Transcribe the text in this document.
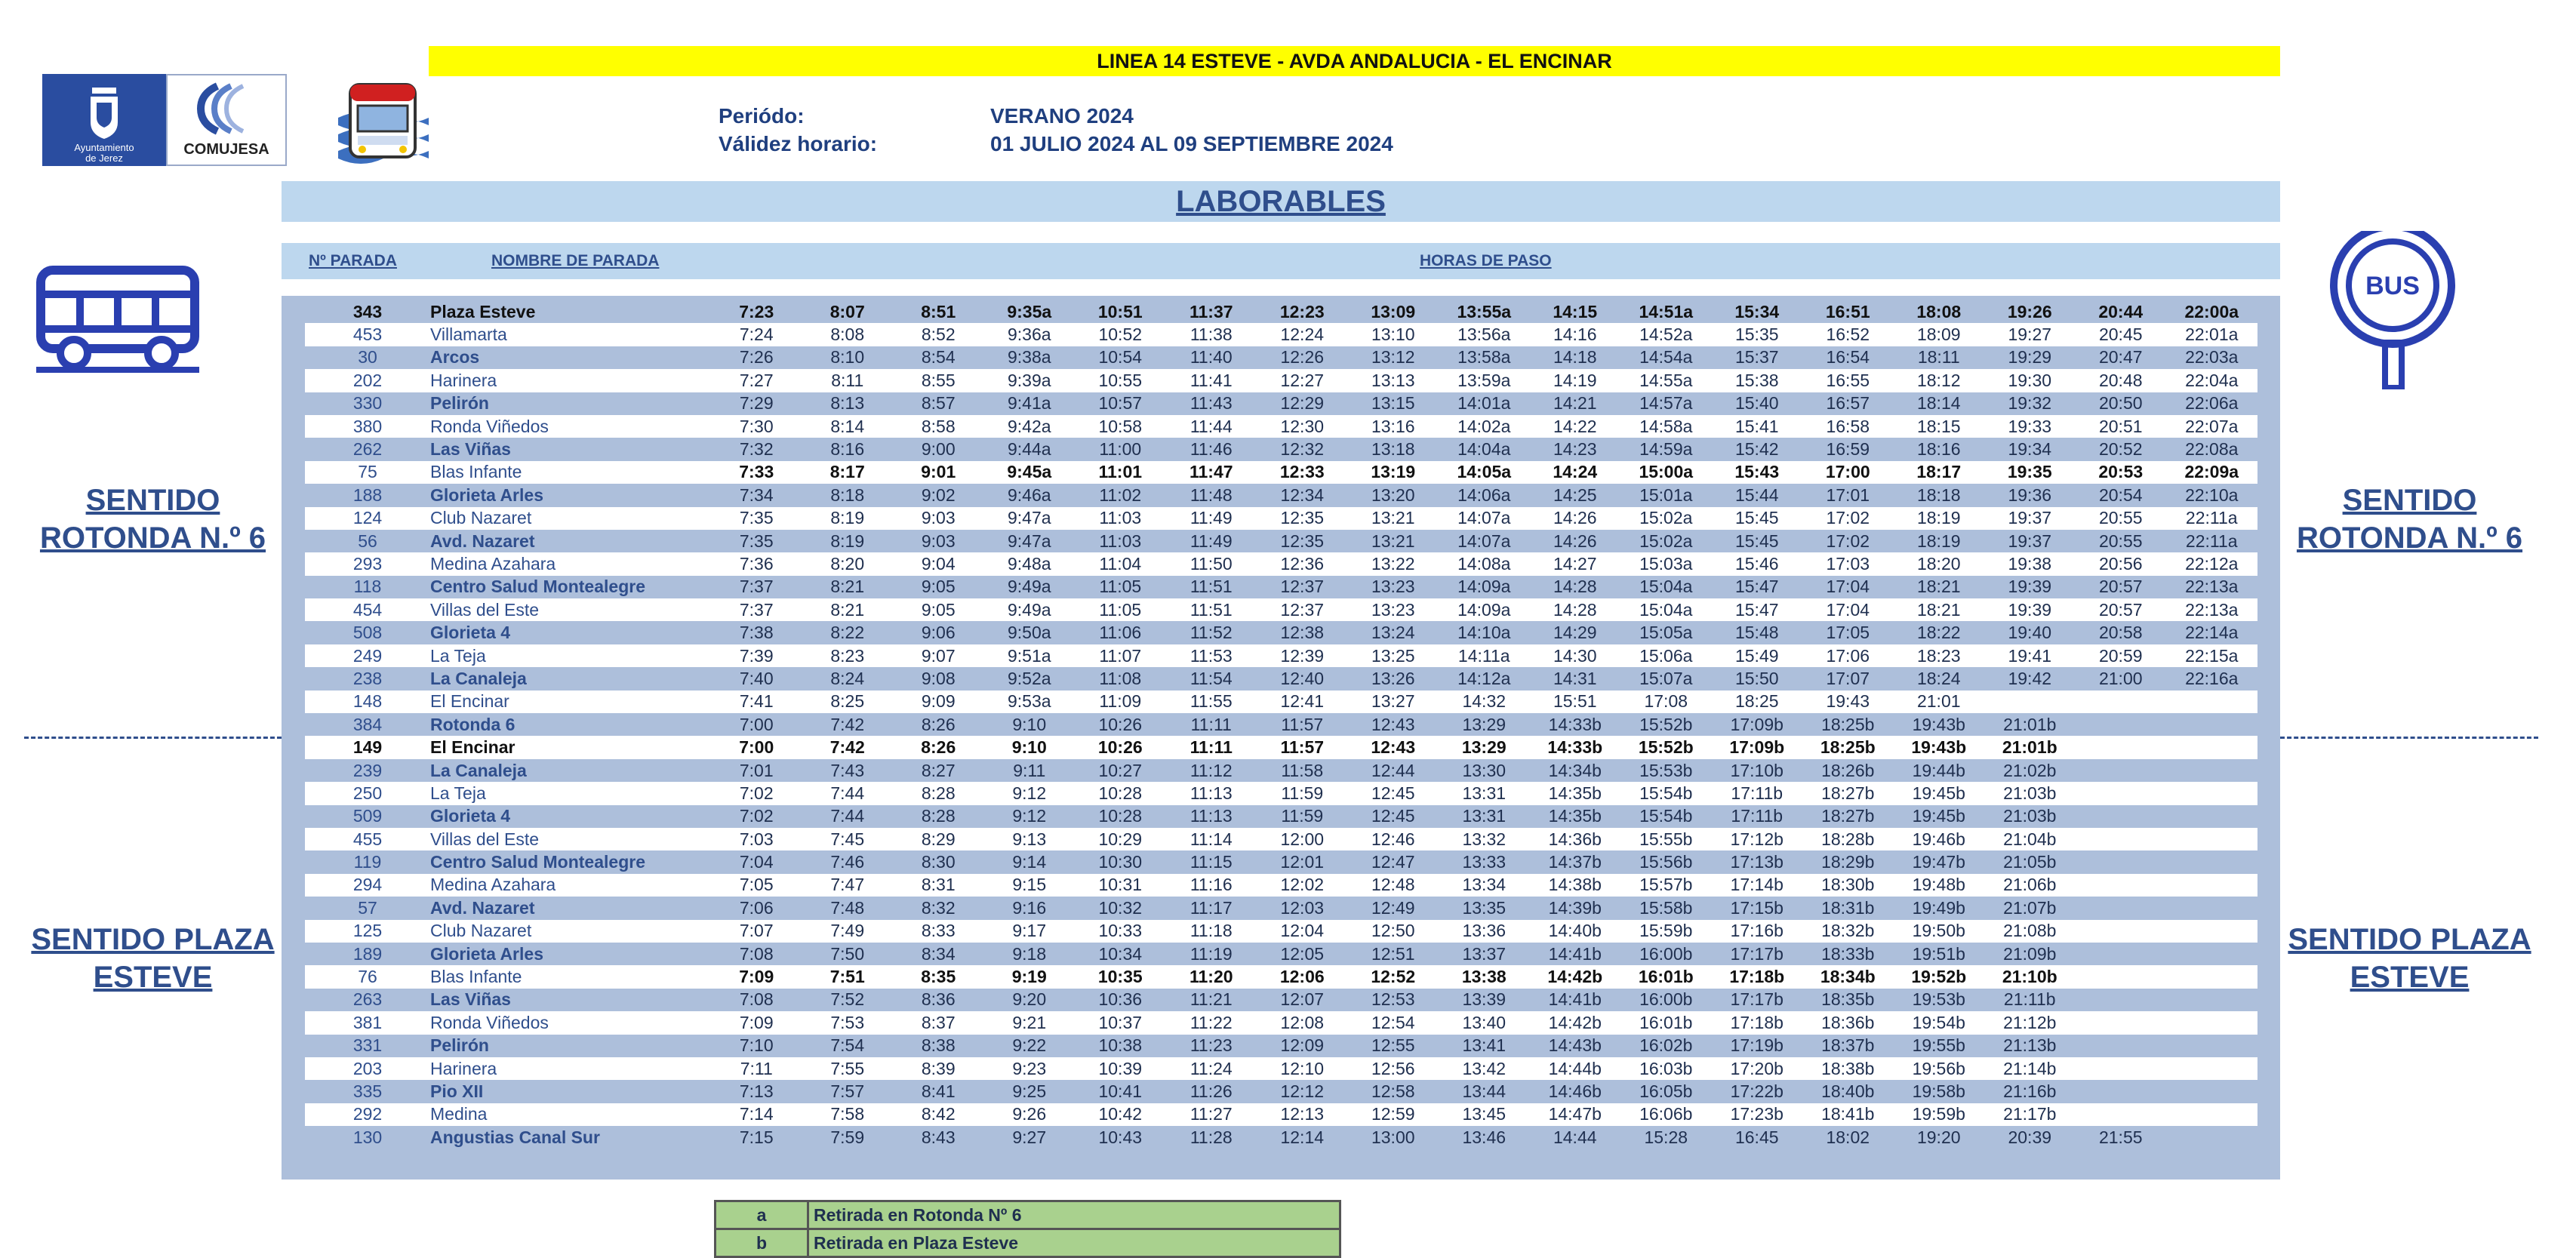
Ayuntamiento
de Jerez
COMUJESA
LINEA 14 ESTEVE - AVDA ANDALUCIA - EL ENCINAR
Periódo:	VERANO 2024
Válidez horario:	01 JULIO 2024 AL 09 SEPTIEMBRE 2024
LABORABLES
Nº PARADA	NOMBRE DE PARADA	HORAS DE PASO
343	Plaza Esteve	7:23	8:07	8:51	9:35a	10:51	11:37	12:23	13:09	13:55a	14:15	14:51a	15:34	16:51	18:08	19:26	20:44	22:00a
453	Villamarta	7:24	8:08	8:52	9:36a	10:52	11:38	12:24	13:10	13:56a	14:16	14:52a	15:35	16:52	18:09	19:27	20:45	22:01a
30	Arcos	7:26	8:10	8:54	9:38a	10:54	11:40	12:26	13:12	13:58a	14:18	14:54a	15:37	16:54	18:11	19:29	20:47	22:03a
202	Harinera	7:27	8:11	8:55	9:39a	10:55	11:41	12:27	13:13	13:59a	14:19	14:55a	15:38	16:55	18:12	19:30	20:48	22:04a
330	Pelirón	7:29	8:13	8:57	9:41a	10:57	11:43	12:29	13:15	14:01a	14:21	14:57a	15:40	16:57	18:14	19:32	20:50	22:06a
380	Ronda Viñedos	7:30	8:14	8:58	9:42a	10:58	11:44	12:30	13:16	14:02a	14:22	14:58a	15:41	16:58	18:15	19:33	20:51	22:07a
262	Las Viñas	7:32	8:16	9:00	9:44a	11:00	11:46	12:32	13:18	14:04a	14:23	14:59a	15:42	16:59	18:16	19:34	20:52	22:08a
75	Blas Infante	7:33	8:17	9:01	9:45a	11:01	11:47	12:33	13:19	14:05a	14:24	15:00a	15:43	17:00	18:17	19:35	20:53	22:09a
188	Glorieta Arles	7:34	8:18	9:02	9:46a	11:02	11:48	12:34	13:20	14:06a	14:25	15:01a	15:44	17:01	18:18	19:36	20:54	22:10a
124	Club Nazaret	7:35	8:19	9:03	9:47a	11:03	11:49	12:35	13:21	14:07a	14:26	15:02a	15:45	17:02	18:19	19:37	20:55	22:11a
56	Avd. Nazaret	7:35	8:19	9:03	9:47a	11:03	11:49	12:35	13:21	14:07a	14:26	15:02a	15:45	17:02	18:19	19:37	20:55	22:11a
293	Medina Azahara	7:36	8:20	9:04	9:48a	11:04	11:50	12:36	13:22	14:08a	14:27	15:03a	15:46	17:03	18:20	19:38	20:56	22:12a
118	Centro Salud Montealegre	7:37	8:21	9:05	9:49a	11:05	11:51	12:37	13:23	14:09a	14:28	15:04a	15:47	17:04	18:21	19:39	20:57	22:13a
454	Villas del Este	7:37	8:21	9:05	9:49a	11:05	11:51	12:37	13:23	14:09a	14:28	15:04a	15:47	17:04	18:21	19:39	20:57	22:13a
508	Glorieta 4	7:38	8:22	9:06	9:50a	11:06	11:52	12:38	13:24	14:10a	14:29	15:05a	15:48	17:05	18:22	19:40	20:58	22:14a
249	La Teja	7:39	8:23	9:07	9:51a	11:07	11:53	12:39	13:25	14:11a	14:30	15:06a	15:49	17:06	18:23	19:41	20:59	22:15a
238	La Canaleja	7:40	8:24	9:08	9:52a	11:08	11:54	12:40	13:26	14:12a	14:31	15:07a	15:50	17:07	18:24	19:42	21:00	22:16a
148	El Encinar	7:41	8:25	9:09	9:53a	11:09	11:55	12:41	13:27	14:32	15:51	17:08	18:25	19:43	21:01			
384	Rotonda 6	7:00	7:42	8:26	9:10	10:26	11:11	11:57	12:43	13:29	14:33b	15:52b	17:09b	18:25b	19:43b	21:01b		
149	El Encinar	7:00	7:42	8:26	9:10	10:26	11:11	11:57	12:43	13:29	14:33b	15:52b	17:09b	18:25b	19:43b	21:01b		
239	La Canaleja	7:01	7:43	8:27	9:11	10:27	11:12	11:58	12:44	13:30	14:34b	15:53b	17:10b	18:26b	19:44b	21:02b		
250	La Teja	7:02	7:44	8:28	9:12	10:28	11:13	11:59	12:45	13:31	14:35b	15:54b	17:11b	18:27b	19:45b	21:03b		
509	Glorieta 4	7:02	7:44	8:28	9:12	10:28	11:13	11:59	12:45	13:31	14:35b	15:54b	17:11b	18:27b	19:45b	21:03b		
455	Villas del Este	7:03	7:45	8:29	9:13	10:29	11:14	12:00	12:46	13:32	14:36b	15:55b	17:12b	18:28b	19:46b	21:04b		
119	Centro Salud Montealegre	7:04	7:46	8:30	9:14	10:30	11:15	12:01	12:47	13:33	14:37b	15:56b	17:13b	18:29b	19:47b	21:05b		
294	Medina Azahara	7:05	7:47	8:31	9:15	10:31	11:16	12:02	12:48	13:34	14:38b	15:57b	17:14b	18:30b	19:48b	21:06b		
57	Avd. Nazaret	7:06	7:48	8:32	9:16	10:32	11:17	12:03	12:49	13:35	14:39b	15:58b	17:15b	18:31b	19:49b	21:07b		
125	Club Nazaret	7:07	7:49	8:33	9:17	10:33	11:18	12:04	12:50	13:36	14:40b	15:59b	17:16b	18:32b	19:50b	21:08b		
189	Glorieta Arles	7:08	7:50	8:34	9:18	10:34	11:19	12:05	12:51	13:37	14:41b	16:00b	17:17b	18:33b	19:51b	21:09b		
76	Blas Infante	7:09	7:51	8:35	9:19	10:35	11:20	12:06	12:52	13:38	14:42b	16:01b	17:18b	18:34b	19:52b	21:10b		
263	Las Viñas	7:08	7:52	8:36	9:20	10:36	11:21	12:07	12:53	13:39	14:41b	16:00b	17:17b	18:35b	19:53b	21:11b		
381	Ronda Viñedos	7:09	7:53	8:37	9:21	10:37	11:22	12:08	12:54	13:40	14:42b	16:01b	17:18b	18:36b	19:54b	21:12b		
331	Pelirón	7:10	7:54	8:38	9:22	10:38	11:23	12:09	12:55	13:41	14:43b	16:02b	17:19b	18:37b	19:55b	21:13b		
203	Harinera	7:11	7:55	8:39	9:23	10:39	11:24	12:10	12:56	13:42	14:44b	16:03b	17:20b	18:38b	19:56b	21:14b		
335	Pio XII	7:13	7:57	8:41	9:25	10:41	11:26	12:12	12:58	13:44	14:46b	16:05b	17:22b	18:40b	19:58b	21:16b		
292	Medina	7:14	7:58	8:42	9:26	10:42	11:27	12:13	12:59	13:45	14:47b	16:06b	17:23b	18:41b	19:59b	21:17b		
130	Angustias Canal Sur	7:15	7:59	8:43	9:27	10:43	11:28	12:14	13:00	13:46	14:44	15:28	16:45	18:02	19:20	20:39	21:55	
SENTIDO
ROTONDA N.º 6
SENTIDO PLAZA
ESTEVE
BUS
SENTIDO
ROTONDA N.º 6
SENTIDO PLAZA
ESTEVE
a	Retirada en Rotonda Nº 6
b	Retirada en Plaza Esteve
